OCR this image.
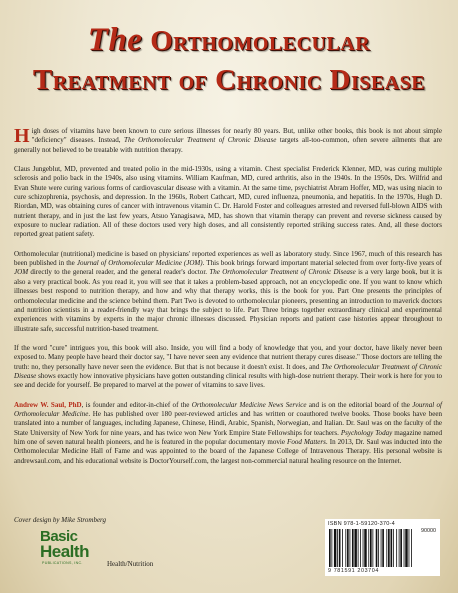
The Orthomolecular
Treatment of Chronic Disease

High doses of vitamins have been known to cure serious illnesses for nearly 80 years. But, unlike other books, this book is not about simple "deficiency" diseases. Instead, The Orthomolecular Treatment of Chronic Disease targets all-too-common, often severe ailments that are generally not believed to be treatable with nutrition therapy.

Claus Jungeblut, MD, prevented and treated polio in the mid-1930s, using a vitamin. Chest specialist Frederick Klenner, MD, was curing multiple sclerosis and polio back in the 1940s, also using vitamins. William Kaufman, MD, cured arthritis, also in the 1940s. In the 1950s, Drs. Wilfrid and Evan Shute were curing various forms of cardiovascular disease with a vitamin. At the same time, psychiatrist Abram Hoffer, MD, was using niacin to cure schizophrenia, psychosis, and depression. In the 1960s, Robert Cathcart, MD, cured influenza, pneumonia, and hepatitis. In the 1970s, Hugh D. Riordan, MD, was obtaining cures of cancer with intravenous vitamin C. Dr. Harold Foster and colleagues arrested and reversed full-blown AIDS with nutrient therapy, and in just the last few years, Atsuo Yanagisawa, MD, has shown that vitamin therapy can prevent and reverse sickness caused by exposure to nuclear radiation. All of these doctors used very high doses, and all consistently reported striking success rates. And, all these doctors reported great patient safety.

Orthomolecular (nutritional) medicine is based on physicians' reported experiences as well as laboratory study. Since 1967, much of this research has been published in the Journal of Orthomolecular Medicine (JOM). This book brings forward important material selected from over forty-five years of JOM directly to the general reader, and the general reader's doctor. The Orthomolecular Treatment of Chronic Disease is a very large book, but it is also a very practical book. As you read it, you will see that it takes a problem-based approach, not an encyclopedic one. If you want to know which illnesses best respond to nutrition therapy, and how and why that therapy works, this is the book for you. Part One presents the principles of orthomolecular medicine and the science behind them. Part Two is devoted to orthomolecular pioneers, presenting an introduction to maverick doctors and nutrition scientists in a reader-friendly way that brings the subject to life. Part Three brings together extraordinary clinical and experimental experiences with vitamins by experts in the major chronic illnesses discussed. Physician reports and patient case histories appear throughout to illustrate safe, successful nutrition-based treatment.

If the word "cure" intrigues you, this book will also. Inside, you will find a body of knowledge that you, and your doctor, have likely never been exposed to. Many people have heard their doctor say, "I have never seen any evidence that nutrient therapy cures disease." Those doctors are telling the truth: no, they personally have never seen the evidence. But that is not because it doesn't exist. It does, and The Orthomolecular Treatment of Chronic Disease shows exactly how innovative physicians have gotten outstanding clinical results with high-dose nutrient therapy. Their work is here for you to see and decide for yourself. Be prepared to marvel at the power of vitamins to save lives.

Andrew W. Saul, PhD, is founder and editor-in-chief of the Orthomolecular Medicine News Service and is on the editorial board of the Journal of Orthomolecular Medicine. He has published over 180 peer-reviewed articles and has written or coauthored twelve books. Those books have been translated into a number of languages, including Japanese, Chinese, Hindi, Arabic, Spanish, Norwegian, and Italian. Dr. Saul was on the faculty of the State University of New York for nine years, and has twice won New York Empire State Fellowships for teachers. Psychology Today magazine named him one of seven natural health pioneers, and he is featured in the popular documentary movie Food Matters. In 2013, Dr. Saul was inducted into the Orthomolecular Medicine Hall of Fame and was appointed to the board of the Japanese College of Intravenous Therapy. His personal website is andrewsaul.com, and his educational website is DoctorYourself.com, the largest non-commercial natural healing resource on the Internet.

Cover design by Mike Stromberg
Basic
Health
PUBLICATIONS, INC.	Health/Nutrition
ISBN 978-1-59120-370-4
90000
9 781591 203704
